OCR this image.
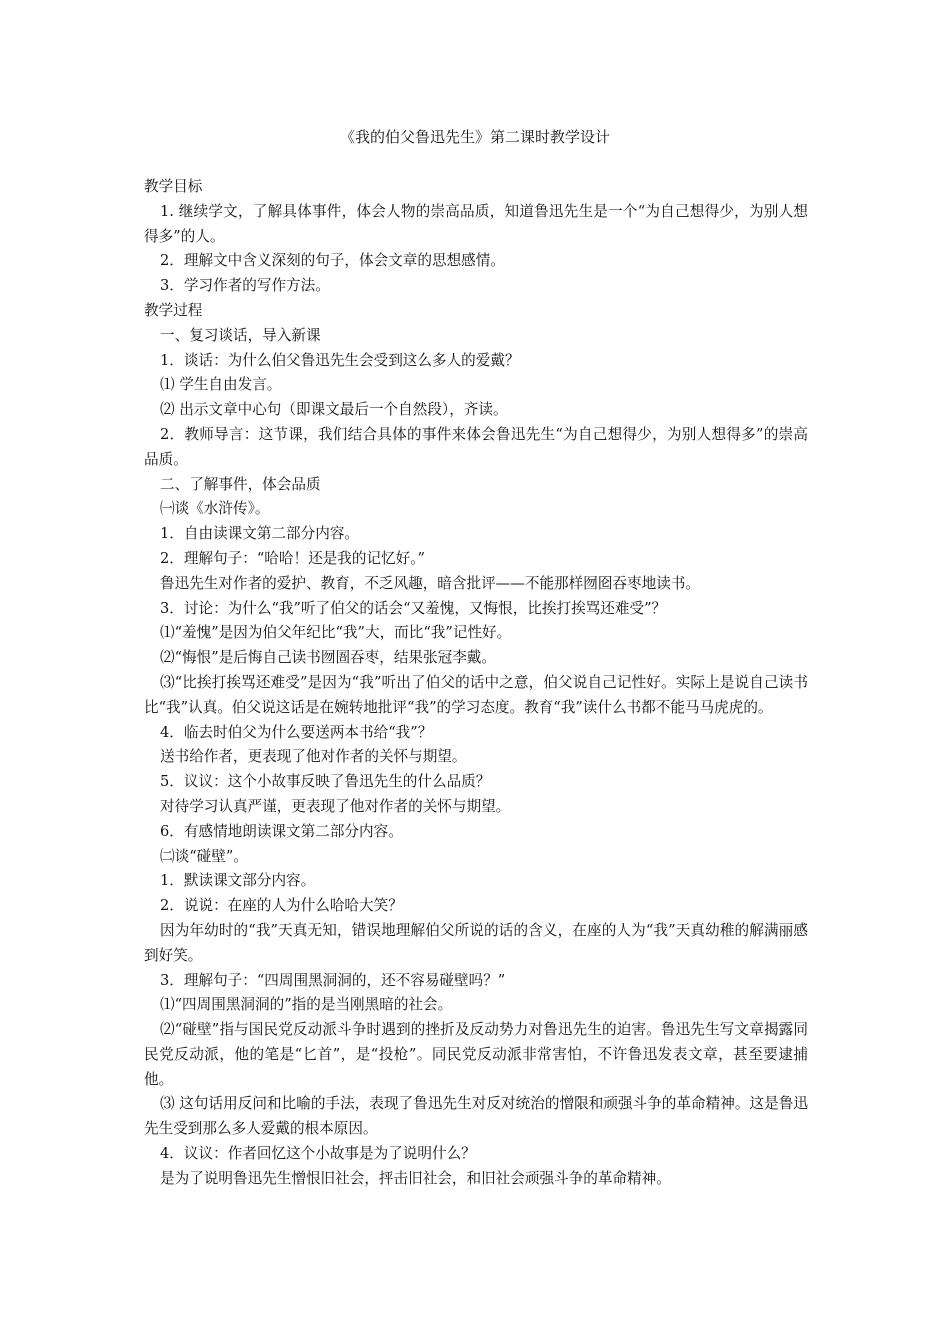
《我的伯父鲁迅先生》第二课时教学设计
教学目标
1. 继续学文，了解具体事件，体会人物的崇高品质，知道鲁迅先生是一个“为自己想得少，为别人想得多”的人。
2．理解文中含义深刻的句子，体会文章的思想感情。
3．学习作者的写作方法。
教学过程
一、复习谈话，导入新课
1．谈话：为什么伯父鲁迅先生会受到这么多人的爱戴？
⑴ 学生自由发言。
⑵ 出示文章中心句（即课文最后一个自然段），齐读。
2．教师导言：这节课，我们结合具体的事件来体会鲁迅先生“为自己想得少，为别人想得多”的崇高品质。
二、了解事件，体会品质
㈠谈《水浒传》。
1．自由读课文第二部分内容。
2．理解句子：“哈哈！还是我的记忆好。”
鲁迅先生对作者的爱护、教育，不乏风趣，暗含批评——不能那样囫囵吞枣地读书。
3．讨论：为什么“我”听了伯父的话会“又羞愧，又悔恨，比挨打挨骂还难受”？
⑴“羞愧”是因为伯父年纪比“我”大，而比“我”记性好。
⑵“悔恨”是后悔自己读书囫圄吞枣，结果张冠李戴。
⑶“比挨打挨骂还难受”是因为“我”听出了伯父的话中之意，伯父说自己记性好。实际上是说自己读书比“我”认真。伯父说这话是在婉转地批评“我”的学习态度。教育“我”读什么书都不能马马虎虎的。
4．临去时伯父为什么要送两本书给“我”？
送书给作者，更表现了他对作者的关怀与期望。
5．议议：这个小故事反映了鲁迅先生的什么品质？
对待学习认真严谨，更表现了他对作者的关怀与期望。
6．有感情地朗读课文第二部分内容。
㈡谈“碰壁”。
1．默读课文部分内容。
2．说说：在座的人为什么哈哈大笑？
因为年幼时的“我”天真无知，错误地理解伯父所说的话的含义，在座的人为“我”天真幼稚的解满丽感到好笑。
3．理解句子：“四周围黑洞洞的，还不容易碰壁吗？”
⑴“四周围黑洞洞的”指的是当刚黑暗的社会。
⑵“碰壁”指与国民党反动派斗争时遇到的挫折及反动势力对鲁迅先生的迫害。鲁迅先生写文章揭露同民党反动派，他的笔是“匕首”，是“投枪”。同民党反动派非常害怕，不许鲁迅发表文章，甚至要逮捕他。
⑶ 这句话用反问和比喻的手法，表现了鲁迅先生对反对统治的憎限和顽强斗争的革命精神。这是鲁迅先生受到那么多人爱戴的根本原因。
4．议议：作者回忆这个小故事是为了说明什么？
是为了说明鲁迅先生憎恨旧社会，抨击旧社会，和旧社会顽强斗争的革命精神。
